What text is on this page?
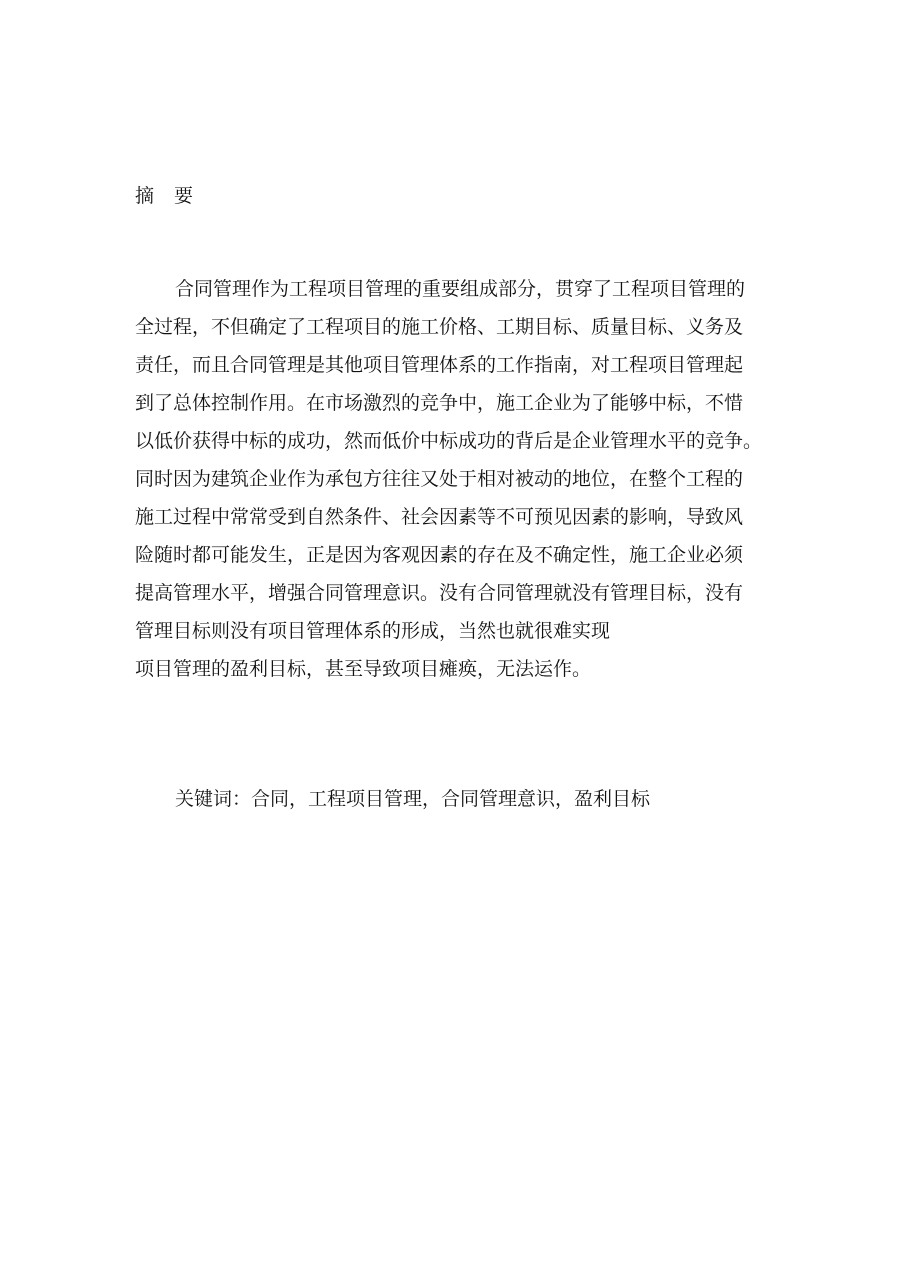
摘要
合同管理作为工程项目管理的重要组成部分，贯穿了工程项目管理的
全过程，不但确定了工程项目的施工价格、工期目标、质量目标、义务及
责任，而且合同管理是其他项目管理体系的工作指南，对工程项目管理起
到了总体控制作用。在市场激烈的竞争中，施工企业为了能够中标，不惜
以低价获得中标的成功，然而低价中标成功的背后是企业管理水平的竞争。
同时因为建筑企业作为承包方往往又处于相对被动的地位，在整个工程的
施工过程中常常受到自然条件、社会因素等不可预见因素的影响，导致风
险随时都可能发生，正是因为客观因素的存在及不确定性，施工企业必须
提高管理水平，增强合同管理意识。没有合同管理就没有管理目标，没有
管理目标则没有项目管理体系的形成，当然也就很难实现
项目管理的盈利目标，甚至导致项目瘫痪，无法运作。
关键词：合同，工程项目管理，合同管理意识，盈利目标
